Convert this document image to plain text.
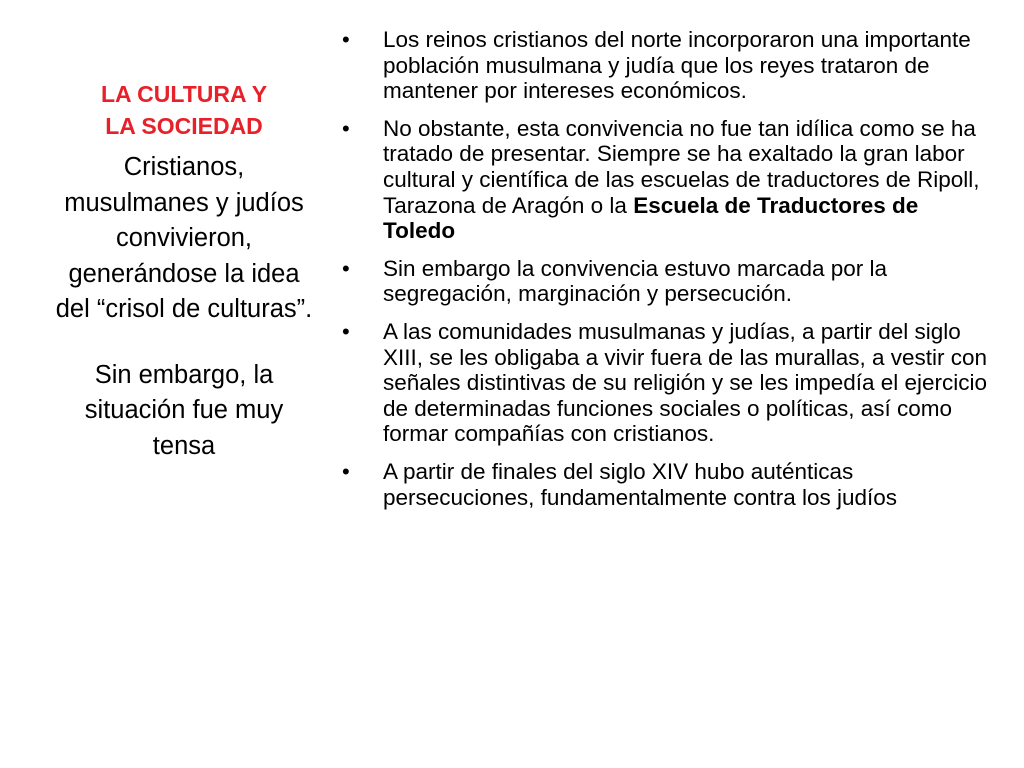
LA CULTURA Y
LA SOCIEDAD

Cristianos, musulmanes y judíos convivieron, generándose la idea del “crisol de culturas”.

Sin embargo, la situación fue muy tensa

• Los reinos cristianos del norte incorporaron una importante población musulmana y judía que los reyes trataron de mantener por intereses económicos.
• No obstante, esta convivencia no fue tan idílica como se ha tratado de presentar. Siempre se ha exaltado la gran labor cultural y científica de las escuelas de traductores de Ripoll, Tarazona de Aragón o la Escuela de Traductores de Toledo
• Sin embargo la convivencia estuvo marcada por la segregación, marginación y persecución.
• A las comunidades musulmanas y judías, a partir del siglo XIII, se les obligaba a vivir fuera de las murallas, a vestir con señales distintivas de su religión y se les impedía el ejercicio de determinadas funciones sociales o políticas, así como formar compañías con cristianos.
• A partir de finales del siglo XIV hubo auténticas persecuciones, fundamentalmente contra los judíos
